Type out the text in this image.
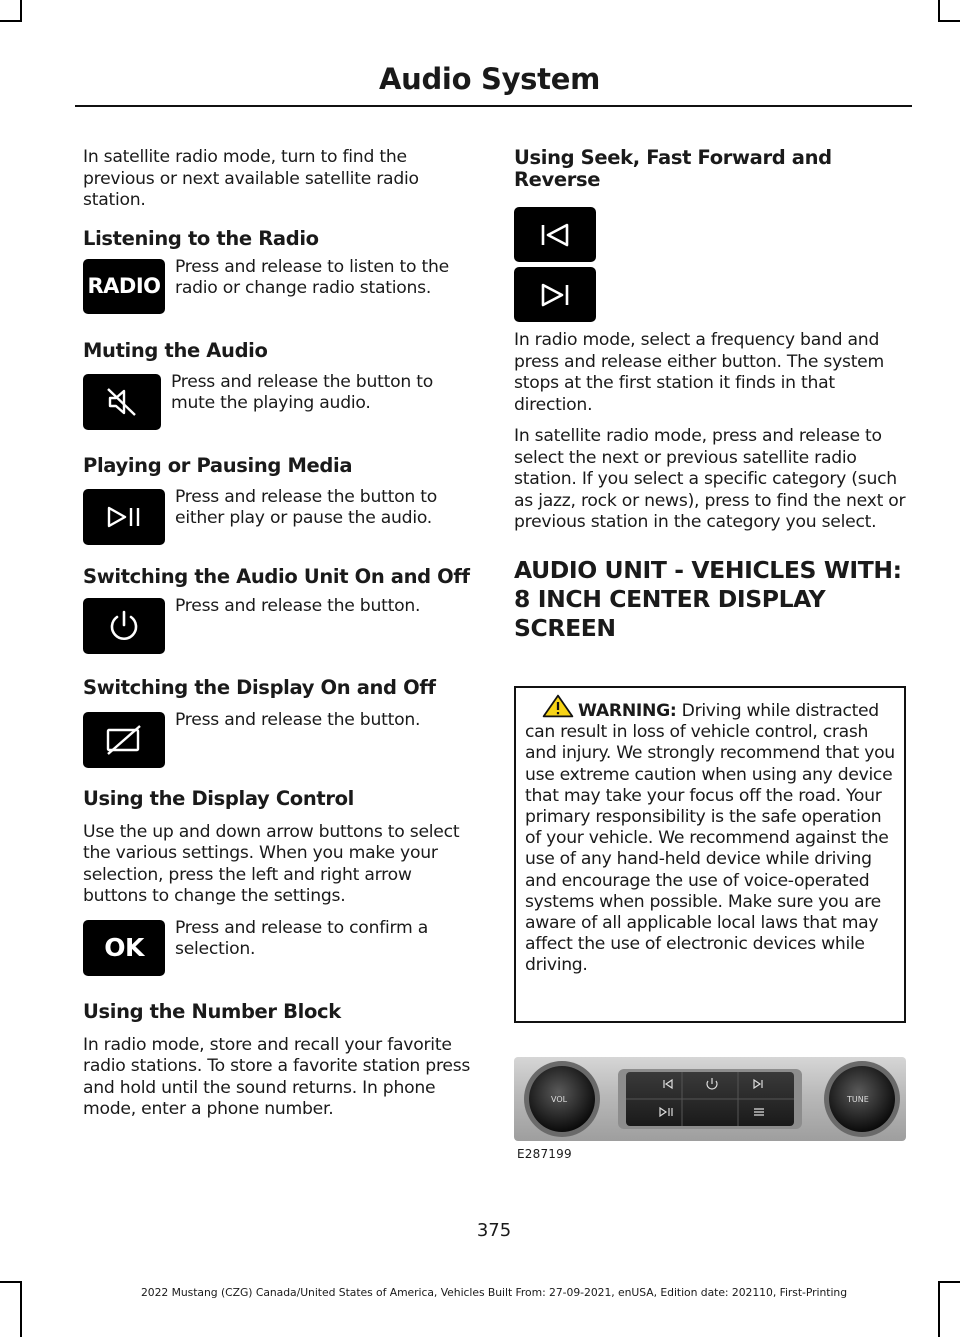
Audio System

In satellite radio mode, turn to find the previous or next available satellite radio station.

Listening to the Radio
RADIO
Press and release to listen to the radio or change radio stations.
Muting the Audio
Press and release the button to mute the playing audio.
Playing or Pausing Media
Press and release the button to either play or pause the audio.
Switching the Audio Unit On and Off
Press and release the button.
Switching the Display On and Off
Press and release the button.
Using the Display Control

Use the up and down arrow buttons to select the various settings. When you make your selection, press the left and right arrow buttons to change the settings.

OK
Press and release to confirm a selection.
Using the Number Block

In radio mode, store and recall your favorite radio stations. To store a favorite station press and hold until the sound returns. In phone mode, enter a phone number.

Using Seek, Fast Forward and Reverse

In radio mode, select a frequency band and press and release either button. The system stops at the first station it finds in that direction.

In satellite radio mode, press and release to select the next or previous satellite radio station. If you select a specific category (such as jazz, rock or news), press to find the next or previous station in the category you select.

AUDIO UNIT - VEHICLES WITH:
8 INCH CENTER DISPLAY
SCREEN
WARNING: Driving while distracted can result in loss of vehicle control, crash and injury. We strongly recommend that you use extreme caution when using any device that may take your focus off the road. Your primary responsibility is the safe operation of your vehicle. We recommend against the use of any hand-held device while driving and encourage the use of voice-operated systems when possible. Make sure you are aware of all applicable local laws that may affect the use of electronic devices while driving.
VOL	TUNE
E287199
375
2022 Mustang (CZG) Canada/United States of America, Vehicles Built From: 27-09-2021, enUSA, Edition date: 202110, First-Printing
